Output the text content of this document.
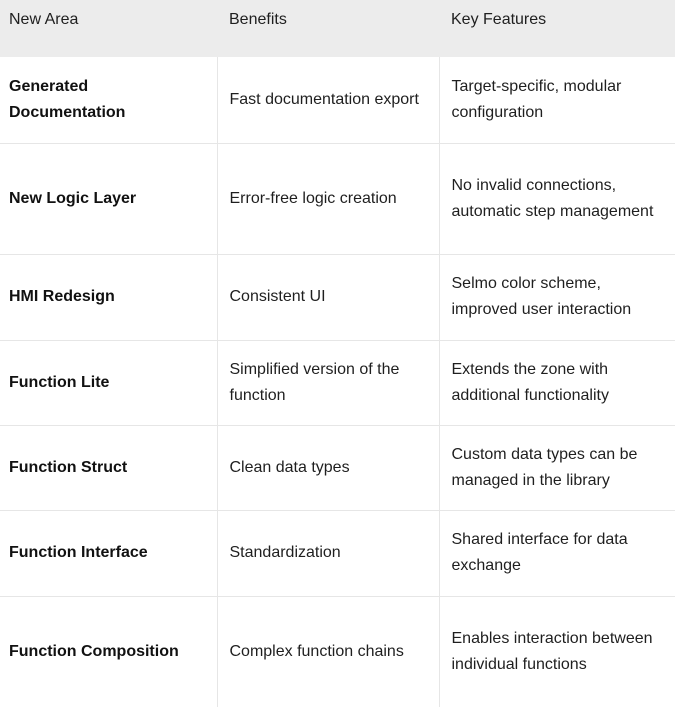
New Area	Benefits	Key Features
Generated Documentation	Fast documentation export	Target-specific, modular configuration
New Logic Layer	Error-free logic creation	No invalid connections, automatic step management
HMI Redesign	Consistent UI	Selmo color scheme, improved user interaction
Function Lite	Simplified version of the function	Extends the zone with additional functionality
Function Struct	Clean data types	Custom data types can be managed in the library
Function Interface	Standardization	Shared interface for data exchange
Function Composition	Complex function chains	Enables interaction between individual functions
